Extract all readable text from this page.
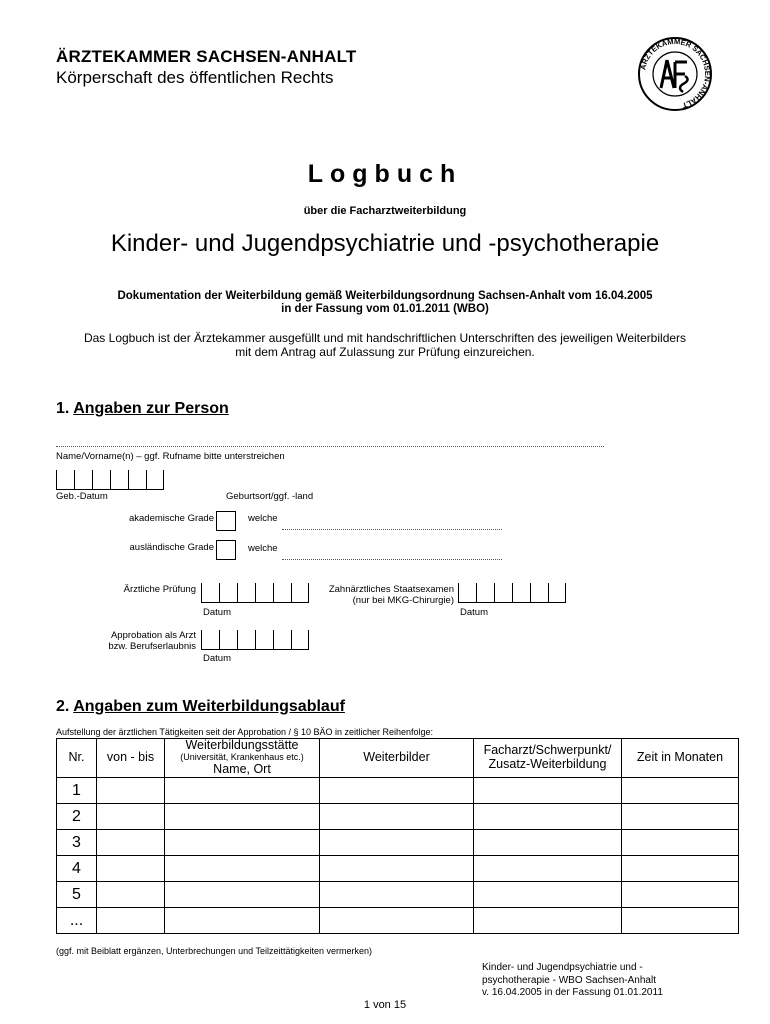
ÄRZTEKAMMER SACHSEN-ANHALT
Körperschaft des öffentlichen Rechts
ÄRZTEKAMMER SACHSEN-ANHALT
Logbuch
über die Facharztweiterbildung
Kinder- und Jugendpsychiatrie und -psychotherapie
Dokumentation der Weiterbildung gemäß Weiterbildungsordnung Sachsen-Anhalt vom 16.04.2005
in der Fassung vom 01.01.2011 (WBO)
Das Logbuch ist der Ärztekammer ausgefüllt und mit handschriftlichen Unterschriften des jeweiligen Weiterbilders
mit dem Antrag auf Zulassung zur Prüfung einzureichen.
1. Angaben zur Person
Name/Vorname(n) – ggf. Rufname bitte unterstreichen
Geb.-Datum	Geburtsort/ggf. -land
akademische Grade	welche
ausländische Grade	welche
Ärztliche Prüfung
Datum
Zahnärztliches Staatsexamen
(nur bei MKG-Chirurgie)
Datum
Approbation als Arzt
bzw. Berufserlaubnis
Datum
2. Angaben zum Weiterbildungsablauf
Aufstellung der ärztlichen Tätigkeiten seit der Approbation / § 10 BÄO in zeitlicher Reihenfolge:
Nr.	von - bis	Weiterbildungsstätte
(Universität, Krankenhaus etc.)
Name, Ort	Weiterbilder	Facharzt/Schwerpunkt/
Zusatz-Weiterbildung	Zeit in Monaten
1					
2					
3					
4					
5					
...					
(ggf. mit Beiblatt ergänzen, Unterbrechungen und Teilzeittätigkeiten vermerken)
Kinder- und Jugendpsychiatrie und -
psychotherapie - WBO Sachsen-Anhalt
v. 16.04.2005 in der Fassung 01.01.2011
1 von 15
